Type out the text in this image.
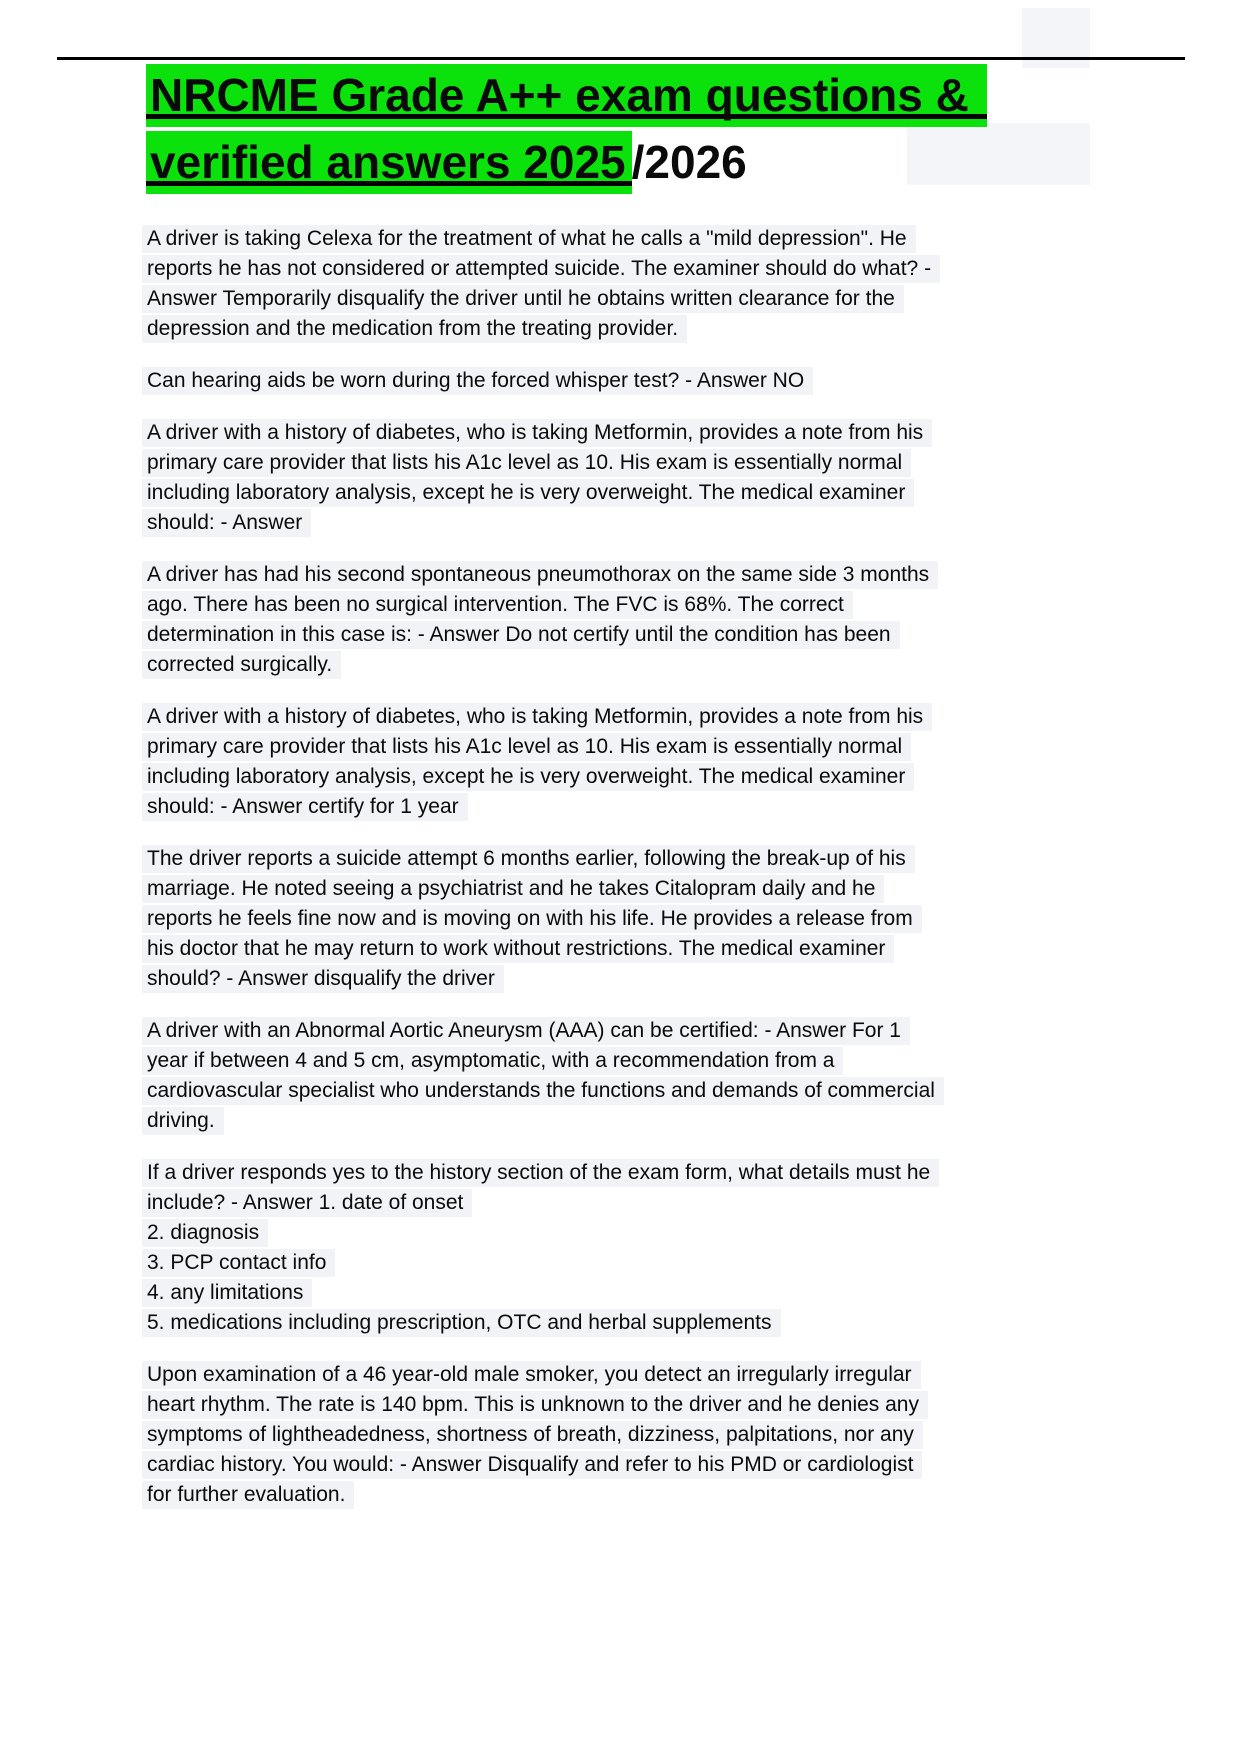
NRCME Grade A++ exam questions &
verified answers 2025 /2026
A driver is taking Celexa for the treatment of what he calls a "mild depression". He
reports he has not considered or attempted suicide. The examiner should do what? -
Answer Temporarily disqualify the driver until he obtains written clearance for the
depression and the medication from the treating provider.
Can hearing aids be worn during the forced whisper test? - Answer NO
A driver with a history of diabetes, who is taking Metformin, provides a note from his
primary care provider that lists his A1c level as 10. His exam is essentially normal
including laboratory analysis, except he is very overweight. The medical examiner
should: - Answer
A driver has had his second spontaneous pneumothorax on the same side 3 months
ago. There has been no surgical intervention. The FVC is 68%. The correct
determination in this case is: - Answer Do not certify until the condition has been
corrected surgically.
A driver with a history of diabetes, who is taking Metformin, provides a note from his
primary care provider that lists his A1c level as 10. His exam is essentially normal
including laboratory analysis, except he is very overweight. The medical examiner
should: - Answer certify for 1 year
The driver reports a suicide attempt 6 months earlier, following the break-up of his
marriage. He noted seeing a psychiatrist and he takes Citalopram daily and he
reports he feels fine now and is moving on with his life. He provides a release from
his doctor that he may return to work without restrictions. The medical examiner
should? - Answer disqualify the driver
A driver with an Abnormal Aortic Aneurysm (AAA) can be certified: - Answer For 1
year if between 4 and 5 cm, asymptomatic, with a recommendation from a
cardiovascular specialist who understands the functions and demands of commercial
driving.
If a driver responds yes to the history section of the exam form, what details must he
include? - Answer 1. date of onset
2. diagnosis
3. PCP contact info
4. any limitations
5. medications including prescription, OTC and herbal supplements
Upon examination of a 46 year-old male smoker, you detect an irregularly irregular
heart rhythm. The rate is 140 bpm. This is unknown to the driver and he denies any
symptoms of lightheadedness, shortness of breath, dizziness, palpitations, nor any
cardiac history. You would: - Answer Disqualify and refer to his PMD or cardiologist
for further evaluation.
